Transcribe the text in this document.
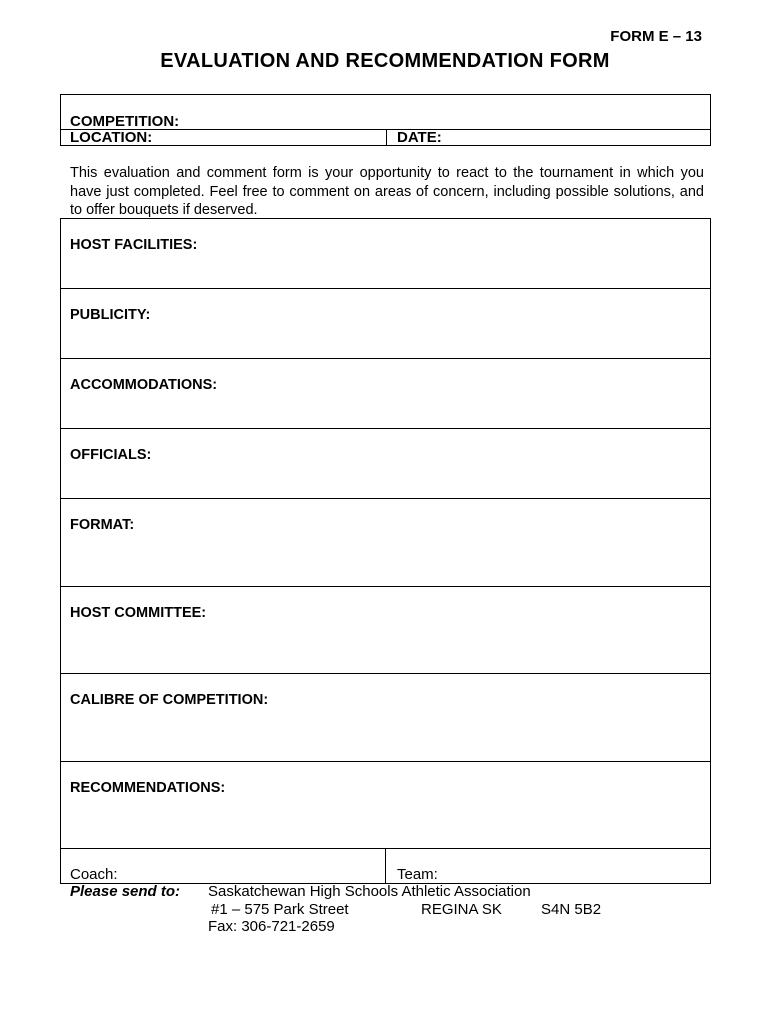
FORM E – 13
EVALUATION AND RECOMMENDATION FORM
COMPETITION:
LOCATION:	DATE:
This evaluation and comment form is your opportunity to react to the tournament in which you have just completed. Feel free to comment on areas of concern, including possible solutions, and to offer bouquets if deserved.
HOST FACILITIES:
PUBLICITY:
ACCOMMODATIONS:
OFFICIALS:
FORMAT:
HOST COMMITTEE:
CALIBRE OF COMPETITION:
RECOMMENDATIONS:
Coach:	Team:
Please send to: Saskatchewan High Schools Athletic Association
#1 – 575 Park Street	REGINA SK	S4N 5B2
Fax: 306-721-2659
